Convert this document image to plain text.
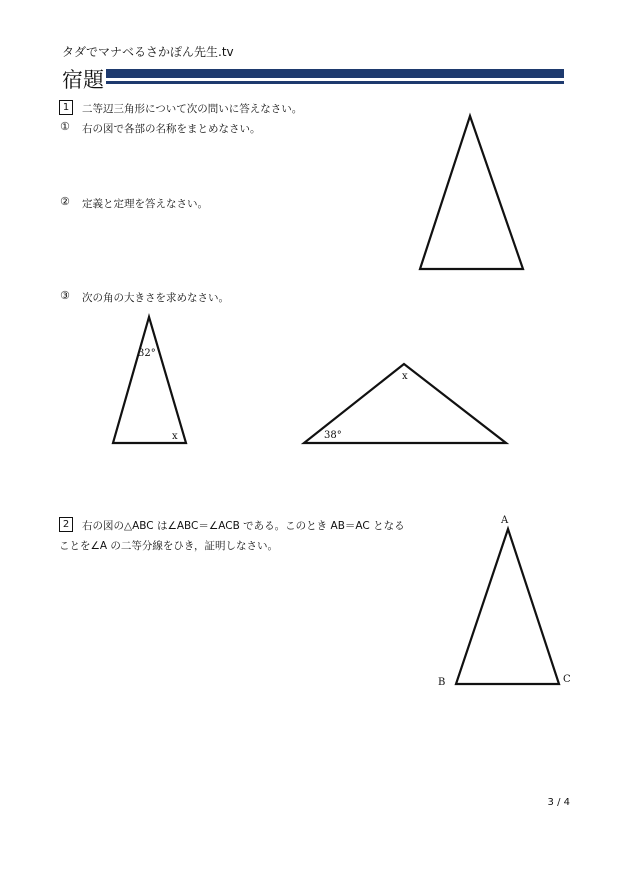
タダでマナベるさかぽん先生.tv
宿題
1	二等辺三角形について次の問いに答えなさい。
① 右の図で各部の名称をまとめなさい。
② 定義と定理を答えなさい。
③ 次の角の大きさを求めなさい。
32°
x
x
38°
2	右の図の△ABC は∠ABC＝∠ACB である。このとき AB＝AC となる
ことを∠A の二等分線をひき，証明しなさい。
A
B	C
3 / 4
